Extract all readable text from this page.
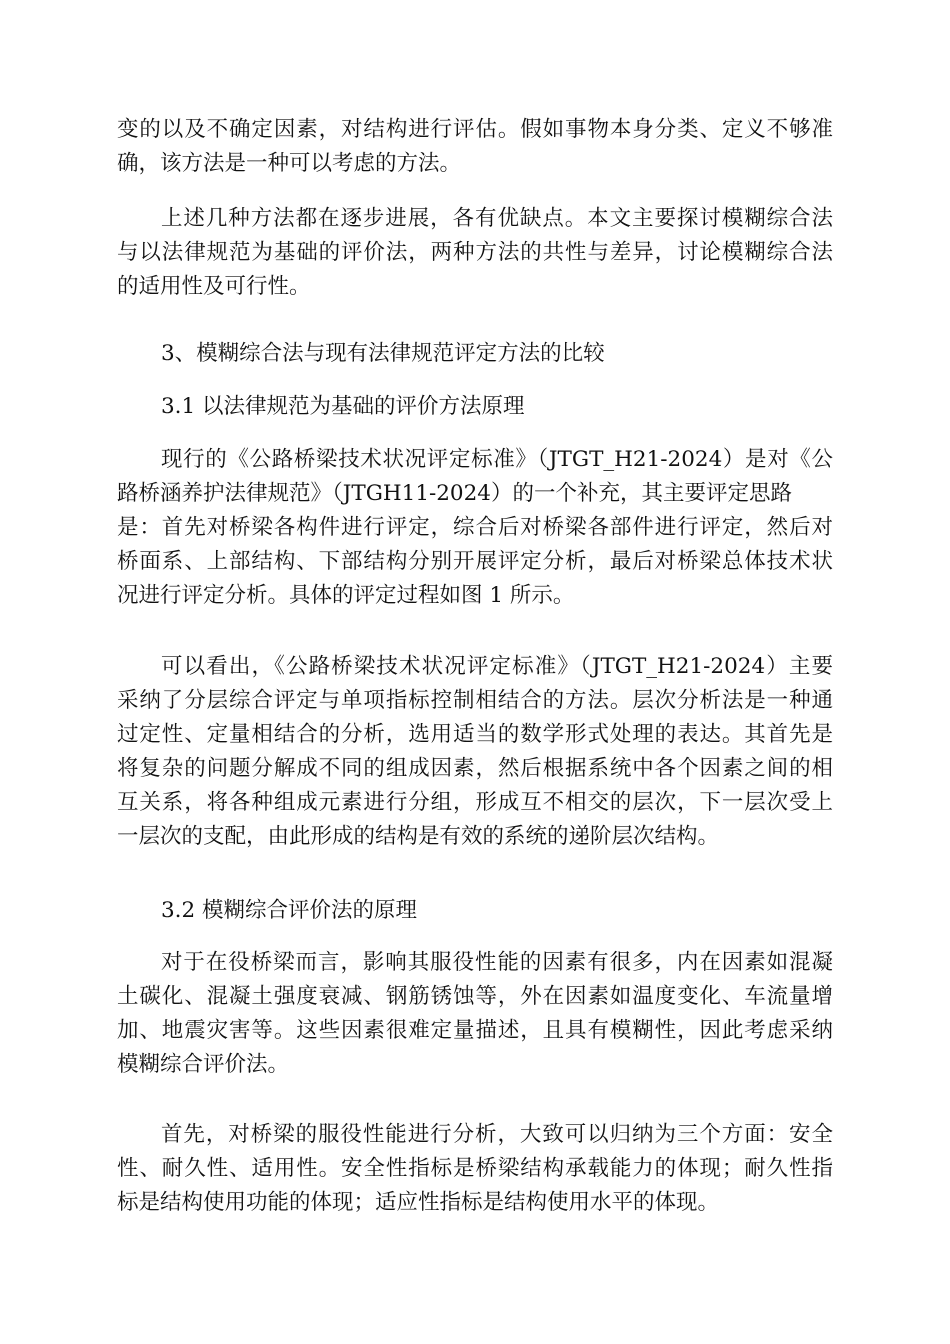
变的以及不确定因素，对结构进行评估。假如事物本身分类、定义不够准
确，该方法是一种可以考虑的方法。
上述几种方法都在逐步进展，各有优缺点。本文主要探讨模糊综合法
与以法律规范为基础的评价法，两种方法的共性与差异，讨论模糊综合法
的适用性及可行性。
3、模糊综合法与现有法律规范评定方法的比较
3.1 以法律规范为基础的评价方法原理
现行的《公路桥梁技术状况评定标准》（JTGT_H21-2024）是对《公
路桥涵养护法律规范》（JTGH11-2024）的一个补充，其主要评定思路
是：首先对桥梁各构件进行评定，综合后对桥梁各部件进行评定，然后对
桥面系、上部结构、下部结构分别开展评定分析，最后对桥梁总体技术状
况进行评定分析。具体的评定过程如图 1 所示。
可以看出，《公路桥梁技术状况评定标准》（JTGT_H21-2024）主要
采纳了分层综合评定与单项指标控制相结合的方法。层次分析法是一种通
过定性、定量相结合的分析，选用适当的数学形式处理的表达。其首先是
将复杂的问题分解成不同的组成因素，然后根据系统中各个因素之间的相
互关系，将各种组成元素进行分组，形成互不相交的层次，下一层次受上
一层次的支配，由此形成的结构是有效的系统的递阶层次结构。
3.2 模糊综合评价法的原理
对于在役桥梁而言，影响其服役性能的因素有很多，内在因素如混凝
土碳化、混凝土强度衰减、钢筋锈蚀等，外在因素如温度变化、车流量增
加、地震灾害等。这些因素很难定量描述，且具有模糊性，因此考虑采纳
模糊综合评价法。
首先，对桥梁的服役性能进行分析，大致可以归纳为三个方面：安全
性、耐久性、适用性。安全性指标是桥梁结构承载能力的体现；耐久性指
标是结构使用功能的体现；适应性指标是结构使用水平的体现。
